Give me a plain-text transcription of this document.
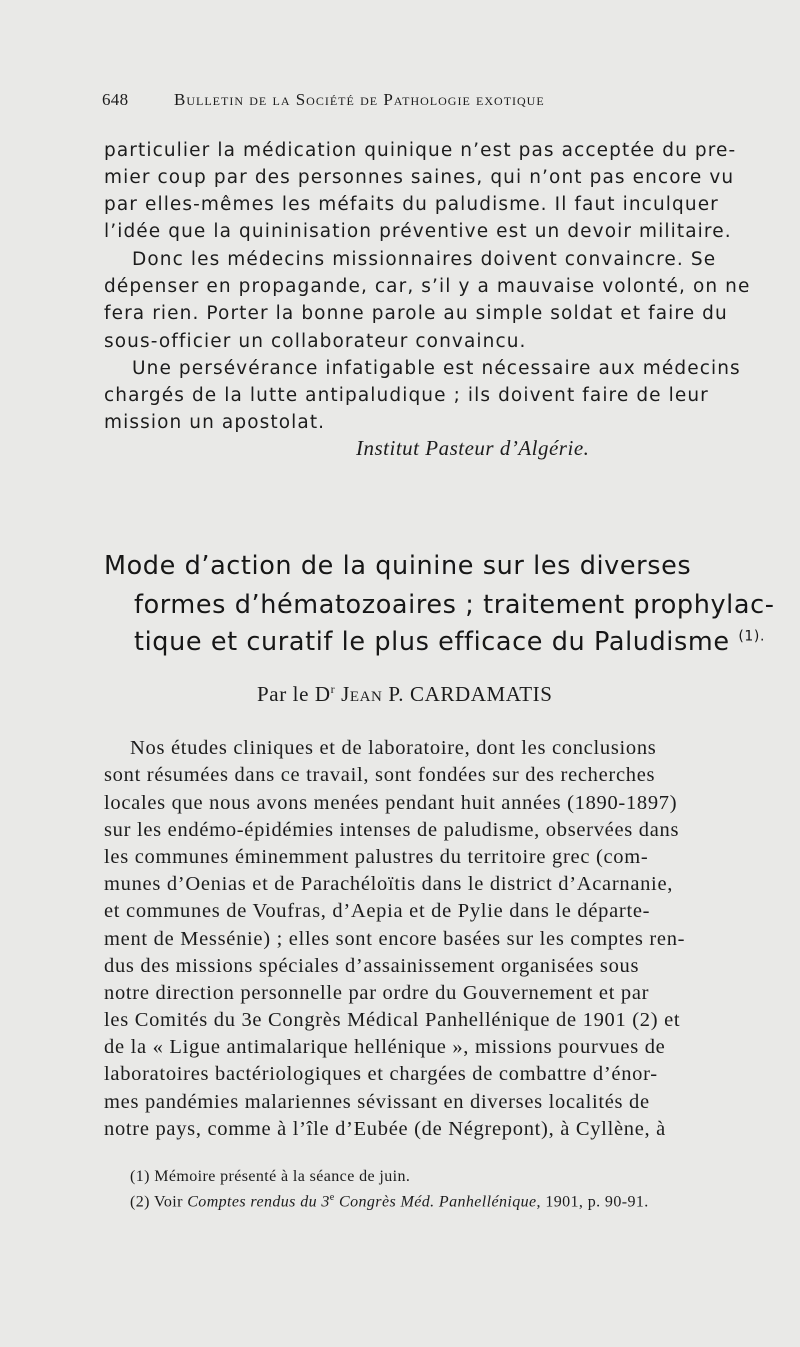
648	Bulletin de la Société de Pathologie exotique
particulier la médication quinique n’est pas acceptée du pre-
mier coup par des personnes saines, qui n’ont pas encore vu
par elles-mêmes les méfaits du paludisme. Il faut inculquer
l’idée que la quininisation préventive est un devoir militaire.
Donc les médecins missionnaires doivent convaincre. Se
dépenser en propagande, car, s’il y a mauvaise volonté, on ne
fera rien. Porter la bonne parole au simple soldat et faire du
sous-officier un collaborateur convaincu.
Une persévérance infatigable est nécessaire aux médecins
chargés de la lutte antipaludique ; ils doivent faire de leur
mission un apostolat.
Institut Pasteur d’Algérie.
Mode d’action de la quinine sur les diverses
formes d’hématozoaires ; traitement prophylac-
tique et curatif le plus efficace du Paludisme $^{(1).}$
Par le $D^r$ Jean P. CARDAMATIS
Nos études cliniques et de laboratoire, dont les conclusions
sont résumées dans ce travail, sont fondées sur des recherches
locales que nous avons menées pendant huit années (1890-1897)
sur les endémo-épidémies intenses de paludisme, observées dans
les communes éminemment palustres du territoire grec (com-
munes d’Oenias et de Parachéloïtis dans le district d’Acarnanie,
et communes de Voufras, d’Aepia et de Pylie dans le départe-
ment de Messénie) ; elles sont encore basées sur les comptes ren-
dus des missions spéciales d’assainissement organisées sous
notre direction personnelle par ordre du Gouvernement et par
les Comités du 3e Congrès Médical Panhellénique de 1901 (2) et
de la « Ligue antimalarique hellénique », missions pourvues de
laboratoires bactériologiques et chargées de combattre d’énor-
mes pandémies malariennes sévissant en diverses localités de
notre pays, comme à l’île d’Eubée (de Négrepont), à Cyllène, à
(1) Mémoire présenté à la séance de juin.
(2) Voir Comptes rendus du 3e Congrès Méd. Panhellénique, 1901, p. 90-91.
